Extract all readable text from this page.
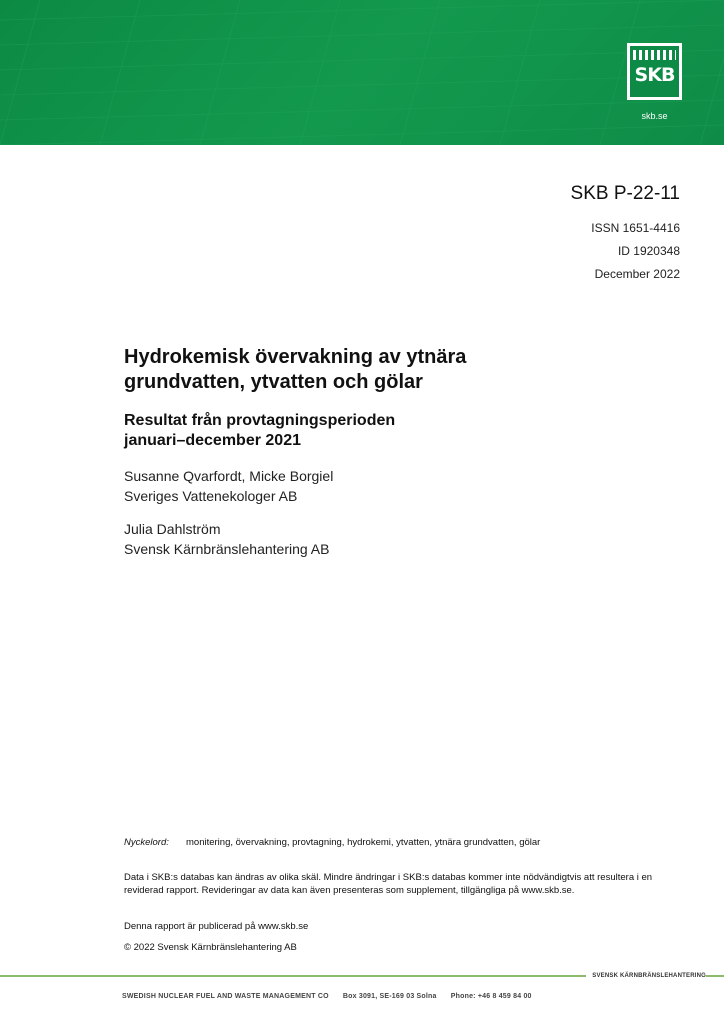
SKB
skb.se
SKB P-22-11
ISSN 1651-4416
ID 1920348
December 2022
Hydrokemisk övervakning av ytnära
grundvatten, ytvatten och gölar
Resultat från provtagningsperioden
januari–december 2021
Susanne Qvarfordt, Micke Borgiel
Sveriges Vattenekologer AB
Julia Dahlström
Svensk Kärnbränslehantering AB
Nyckelord:	monitering, övervakning, provtagning, hydrokemi, ytvatten, ytnära grundvatten, gölar
Data i SKB:s databas kan ändras av olika skäl. Mindre ändringar i SKB:s databas kommer inte nödvändigtvis att resultera i en reviderad rapport. Revideringar av data kan även presenteras som supplement, tillgängliga på www.skb.se.
Denna rapport är publicerad på www.skb.se
© 2022 Svensk Kärnbränslehantering AB
SVENSK KÄRNBRÄNSLEHANTERING
SWEDISH NUCLEAR FUEL AND WASTE MANAGEMENT CO Box 3091, SE-169 03 Solna Phone: +46 8 459 84 00
